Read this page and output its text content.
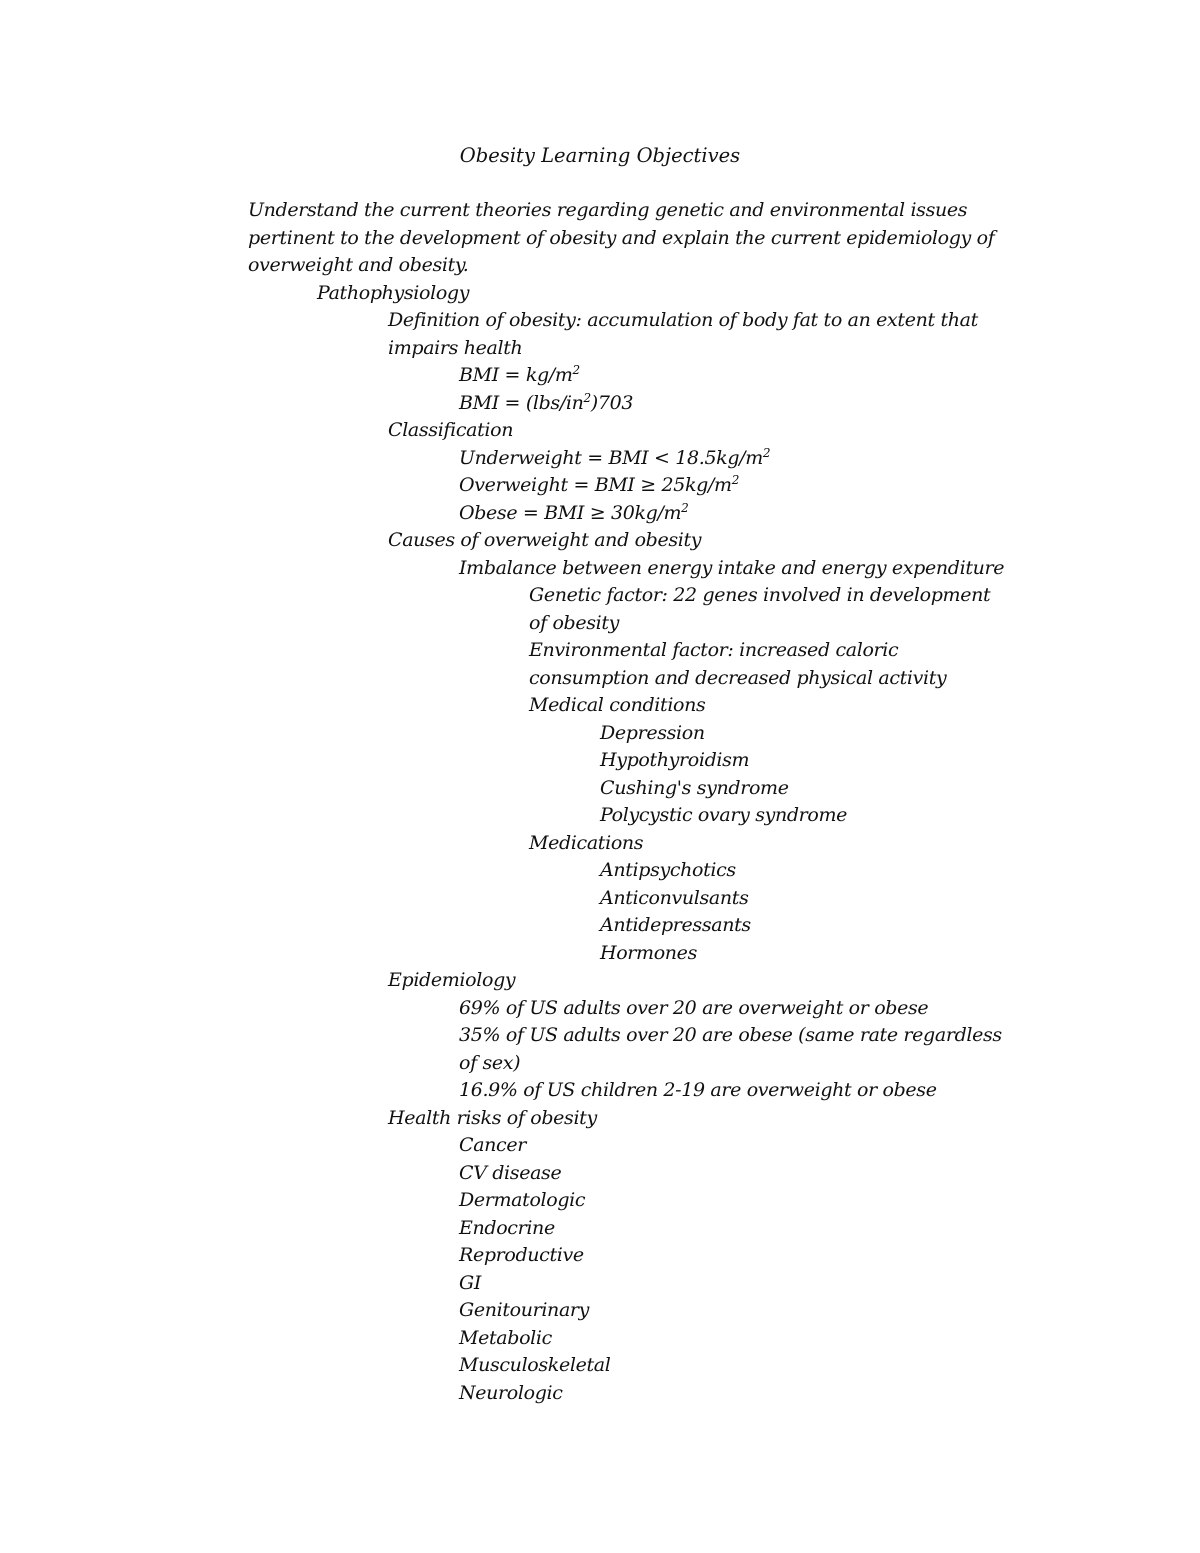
Obesity Learning Objectives
Understand the current theories regarding genetic and environmental issues
pertinent to the development of obesity and explain the current epidemiology of
overweight and obesity.
Pathophysiology
Definition of obesity: accumulation of body fat to an extent that
impairs health
BMI = $kg/m^2$
BMI = $(lbs/in^2)703$
Classification
Underweight = BMI < $18.5kg/m^2$
Overweight = BMI ≥ $25kg/m^2$
Obese = BMI ≥ $30kg/m^2$
Causes of overweight and obesity
Imbalance between energy intake and energy expenditure
Genetic factor: 22 genes involved in development
of obesity
Environmental factor: increased caloric
consumption and decreased physical activity
Medical conditions
Depression
Hypothyroidism
Cushing's syndrome
Polycystic ovary syndrome
Medications
Antipsychotics
Anticonvulsants
Antidepressants
Hormones
Epidemiology
69% of US adults over 20 are overweight or obese
35% of US adults over 20 are obese (same rate regardless
of sex)
16.9% of US children 2-19 are overweight or obese
Health risks of obesity
Cancer
CV disease
Dermatologic
Endocrine
Reproductive
GI
Genitourinary
Metabolic
Musculoskeletal
Neurologic
